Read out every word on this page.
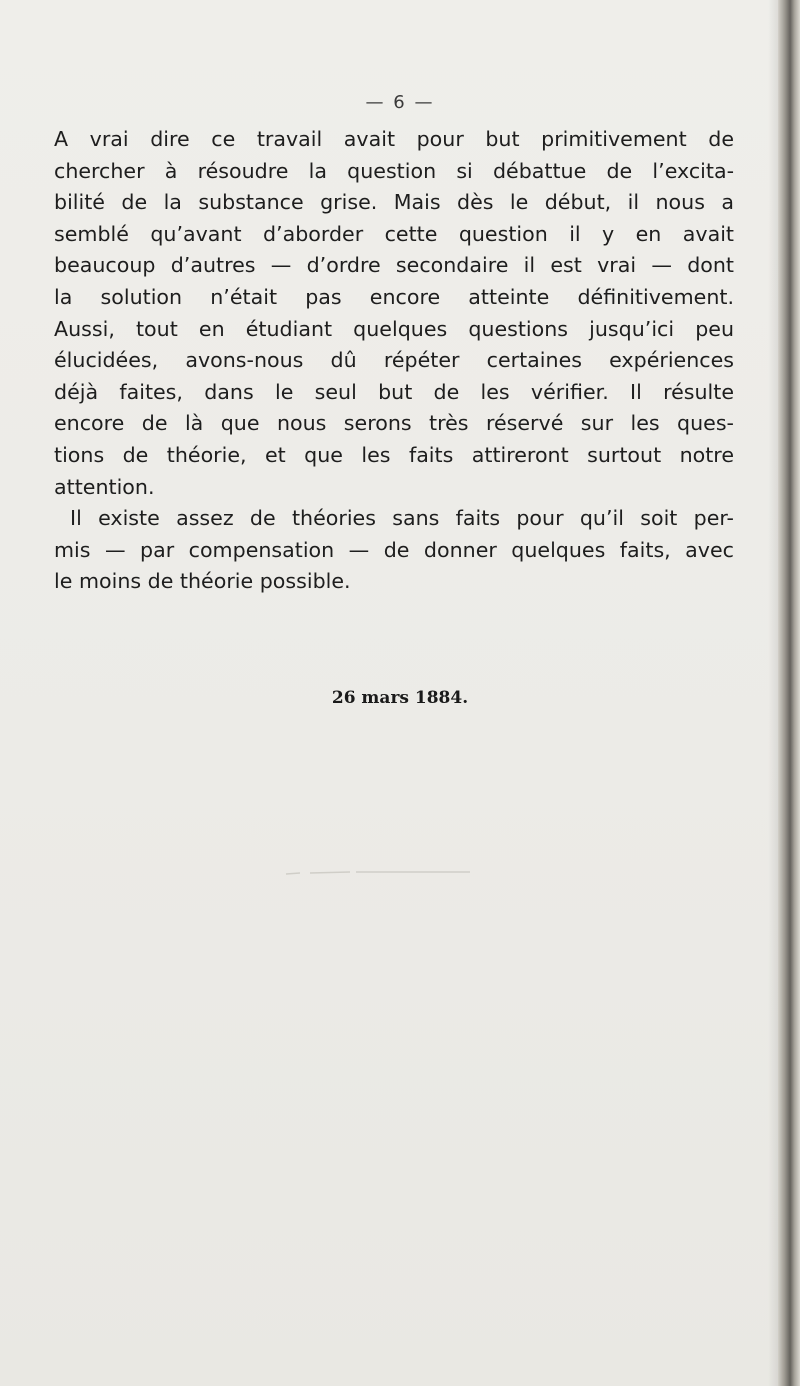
— 6 —
A vrai dire ce travail avait pour but primitivement de
chercher à résoudre la question si débattue de l’excita-
bilité de la substance grise. Mais dès le début, il nous a
semblé qu’avant d’aborder cette question il y en avait
beaucoup d’autres — d’ordre secondaire il est vrai — dont
la solution n’était pas encore atteinte définitivement.
Aussi, tout en étudiant quelques questions jusqu’ici peu
élucidées, avons-nous dû répéter certaines expériences
déjà faites, dans le seul but de les vérifier. Il résulte
encore de là que nous serons très réservé sur les ques-
tions de théorie, et que les faits attireront surtout notre
attention.
Il existe assez de théories sans faits pour qu’il soit per-
mis — par compensation — de donner quelques faits, avec
le moins de théorie possible.
26 mars 1884.
